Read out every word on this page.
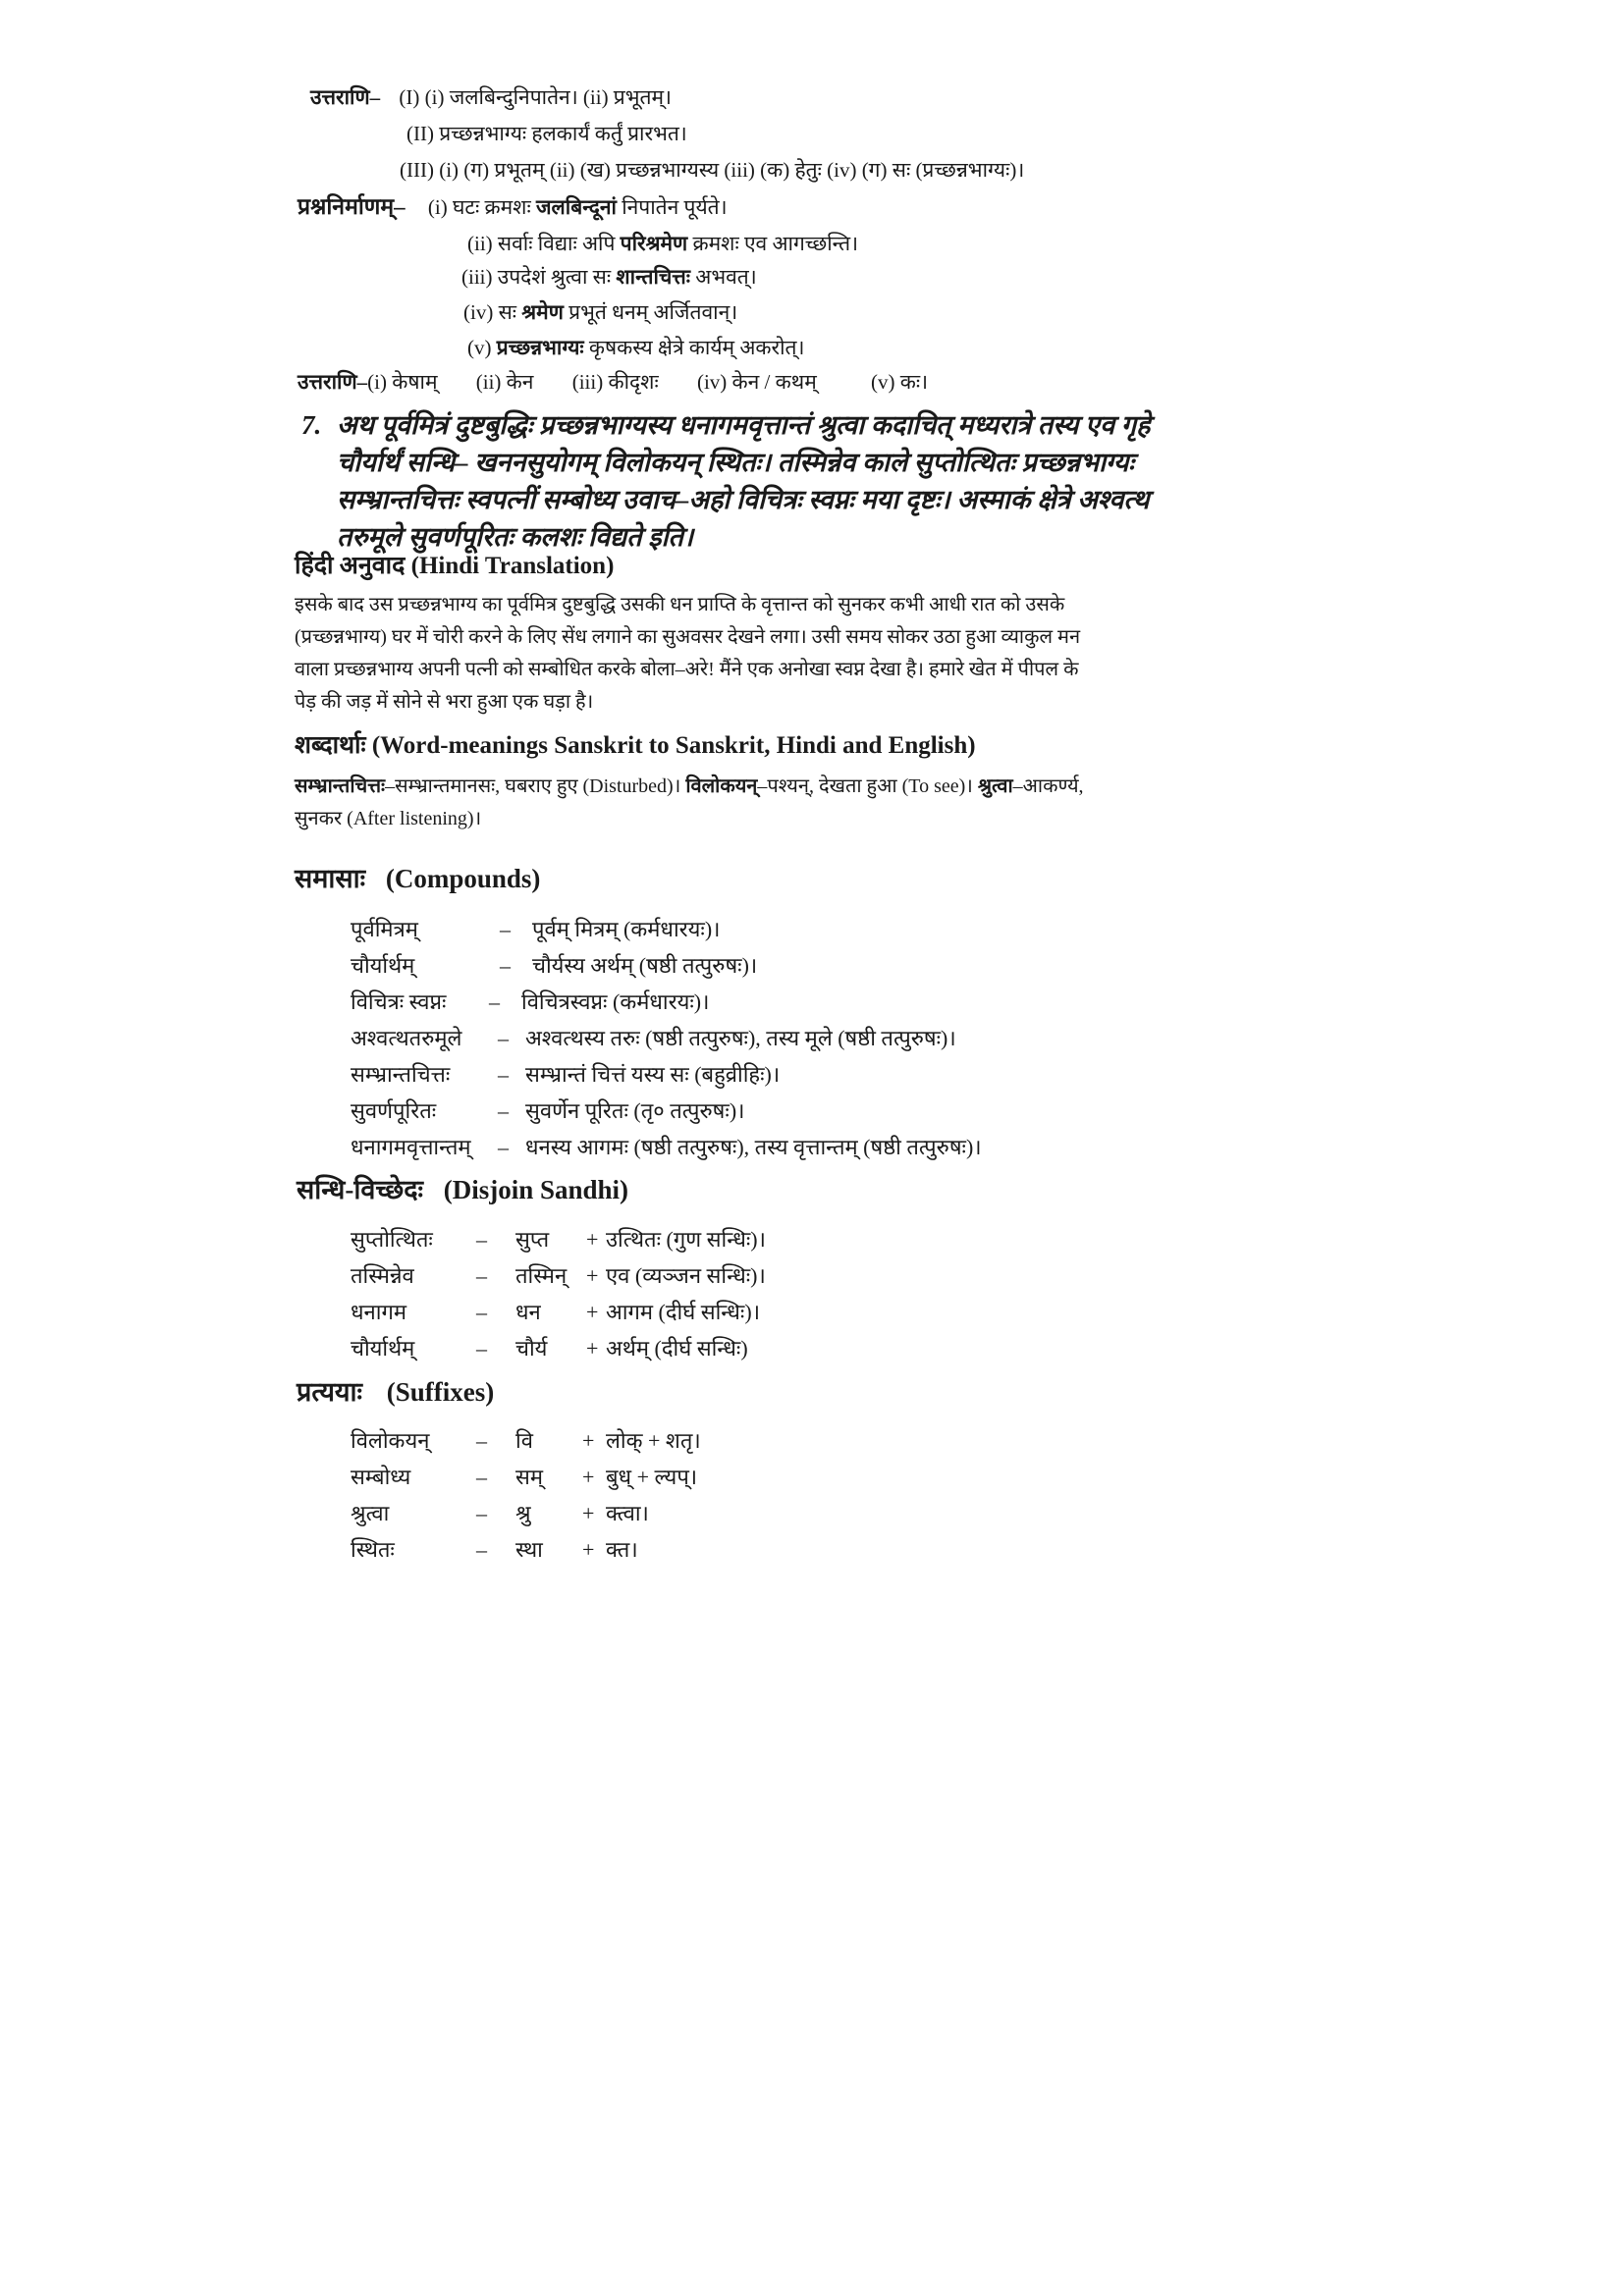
उत्तराणि– (I) (i) जलबिन्दुनिपातेन। (ii) प्रभूतम्।
(II) प्रच्छन्नभाग्यः हलकार्यं कर्तुं प्रारभत।
(III) (i) (ग) प्रभूतम् (ii) (ख) प्रच्छन्नभाग्यस्य (iii) (क) हेतुः (iv) (ग) सः (प्रच्छन्नभाग्यः)।
प्रश्ननिर्माणम्– (i) घटः क्रमशः जलबिन्दूनां निपातेन पूर्यते।
(ii) सर्वाः विद्याः अपि परिश्रमेण क्रमशः एव आगच्छन्ति।
(iii) उपदेशं श्रुत्वा सः शान्तचित्तः अभवत्।
(iv) सः श्रमेण प्रभूतं धनम् अर्जितवान्।
(v) प्रच्छन्नभाग्यः कृषकस्य क्षेत्रे कार्यम् अकरोत्।
उत्तराणि–(i) केषाम् (ii) केन (iii) कीदृशः (iv) केन / कथम्	(v) कः।
7. अथ पूर्वमित्रं दुष्टबुद्धिः प्रच्छन्नभाग्यस्य धनागमवृत्तान्तं श्रुत्वा कदाचित् मध्यरात्रे तस्य एव गृहे
चौर्यार्थं सन्धि– खननसुयोगम् विलोकयन् स्थितः। तस्मिन्नेव काले सुप्तोत्थितः प्रच्छन्नभाग्यः
सम्भ्रान्तचित्तः स्वपत्नीं सम्बोध्य उवाच–अहो विचित्रः स्वप्नः मया दृष्टः। अस्माकं क्षेत्रे अश्वत्थ
तरुमूले सुवर्णपूरितः कलशः विद्यते इति।
हिंदी अनुवाद (Hindi Translation)
इसके बाद उस प्रच्छन्नभाग्य का पूर्वमित्र दुष्टबुद्धि उसकी धन प्राप्ति के वृत्तान्त को सुनकर कभी आधी रात को उसके
(प्रच्छन्नभाग्य) घर में चोरी करने के लिए सेंध लगाने का सुअवसर देखने लगा। उसी समय सोकर उठा हुआ व्याकुल मन
वाला प्रच्छन्नभाग्य अपनी पत्नी को सम्बोधित करके बोला–अरे! मैंने एक अनोखा स्वप्न देखा है। हमारे खेत में पीपल के
पेड़ की जड़ में सोने से भरा हुआ एक घड़ा है।
शब्दार्थाः (Word-meanings Sanskrit to Sanskrit, Hindi and English)
सम्भ्रान्तचित्तः–सम्भ्रान्तमानसः, घबराए हुए (Disturbed)। विलोकयन्–पश्यन्, देखता हुआ (To see)। श्रुत्वा–आकर्ण्य,
सुनकर (After listening)।
समासाः (Compounds)
पूर्वमित्रम्	– पूर्वम् मित्रम् (कर्मधारयः)।
चौर्यार्थम्	– चौर्यस्य अर्थम् (षष्ठी तत्पुरुषः)।
विचित्रः स्वप्नः – विचित्रस्वप्नः (कर्मधारयः)।
अश्वत्थतरुमूले – अश्वत्थस्य तरुः (षष्ठी तत्पुरुषः), तस्य मूले (षष्ठी तत्पुरुषः)।
सम्भ्रान्तचित्तः – सम्भ्रान्तं चित्तं यस्य सः (बहुव्रीहिः)।
सुवर्णपूरितः	– सुवर्णेन पूरितः (तृ० तत्पुरुषः)।
धनागमवृत्तान्तम् – धनस्य आगमः (षष्ठी तत्पुरुषः), तस्य वृत्तान्तम् (षष्ठी तत्पुरुषः)।
सन्धि-विच्छेदः (Disjoin Sandhi)
सुप्तोत्थितः – सुप्त + उत्थितः (गुण सन्धिः)।
तस्मिन्नेव	– तस्मिन् + एव (व्यञ्जन सन्धिः)।
धनागम	– धन + आगम (दीर्घ सन्धिः)।
चौर्यार्थम्	– चौर्य + अर्थम् (दीर्घ सन्धिः)
प्रत्ययाः (Suffixes)
विलोकयन् – वि + लोक् + शतृ।
सम्बोध्य	– सम् + बुध् + ल्यप्।
श्रुत्वा	– श्रु + क्त्वा।
स्थितः	– स्था + क्त।
